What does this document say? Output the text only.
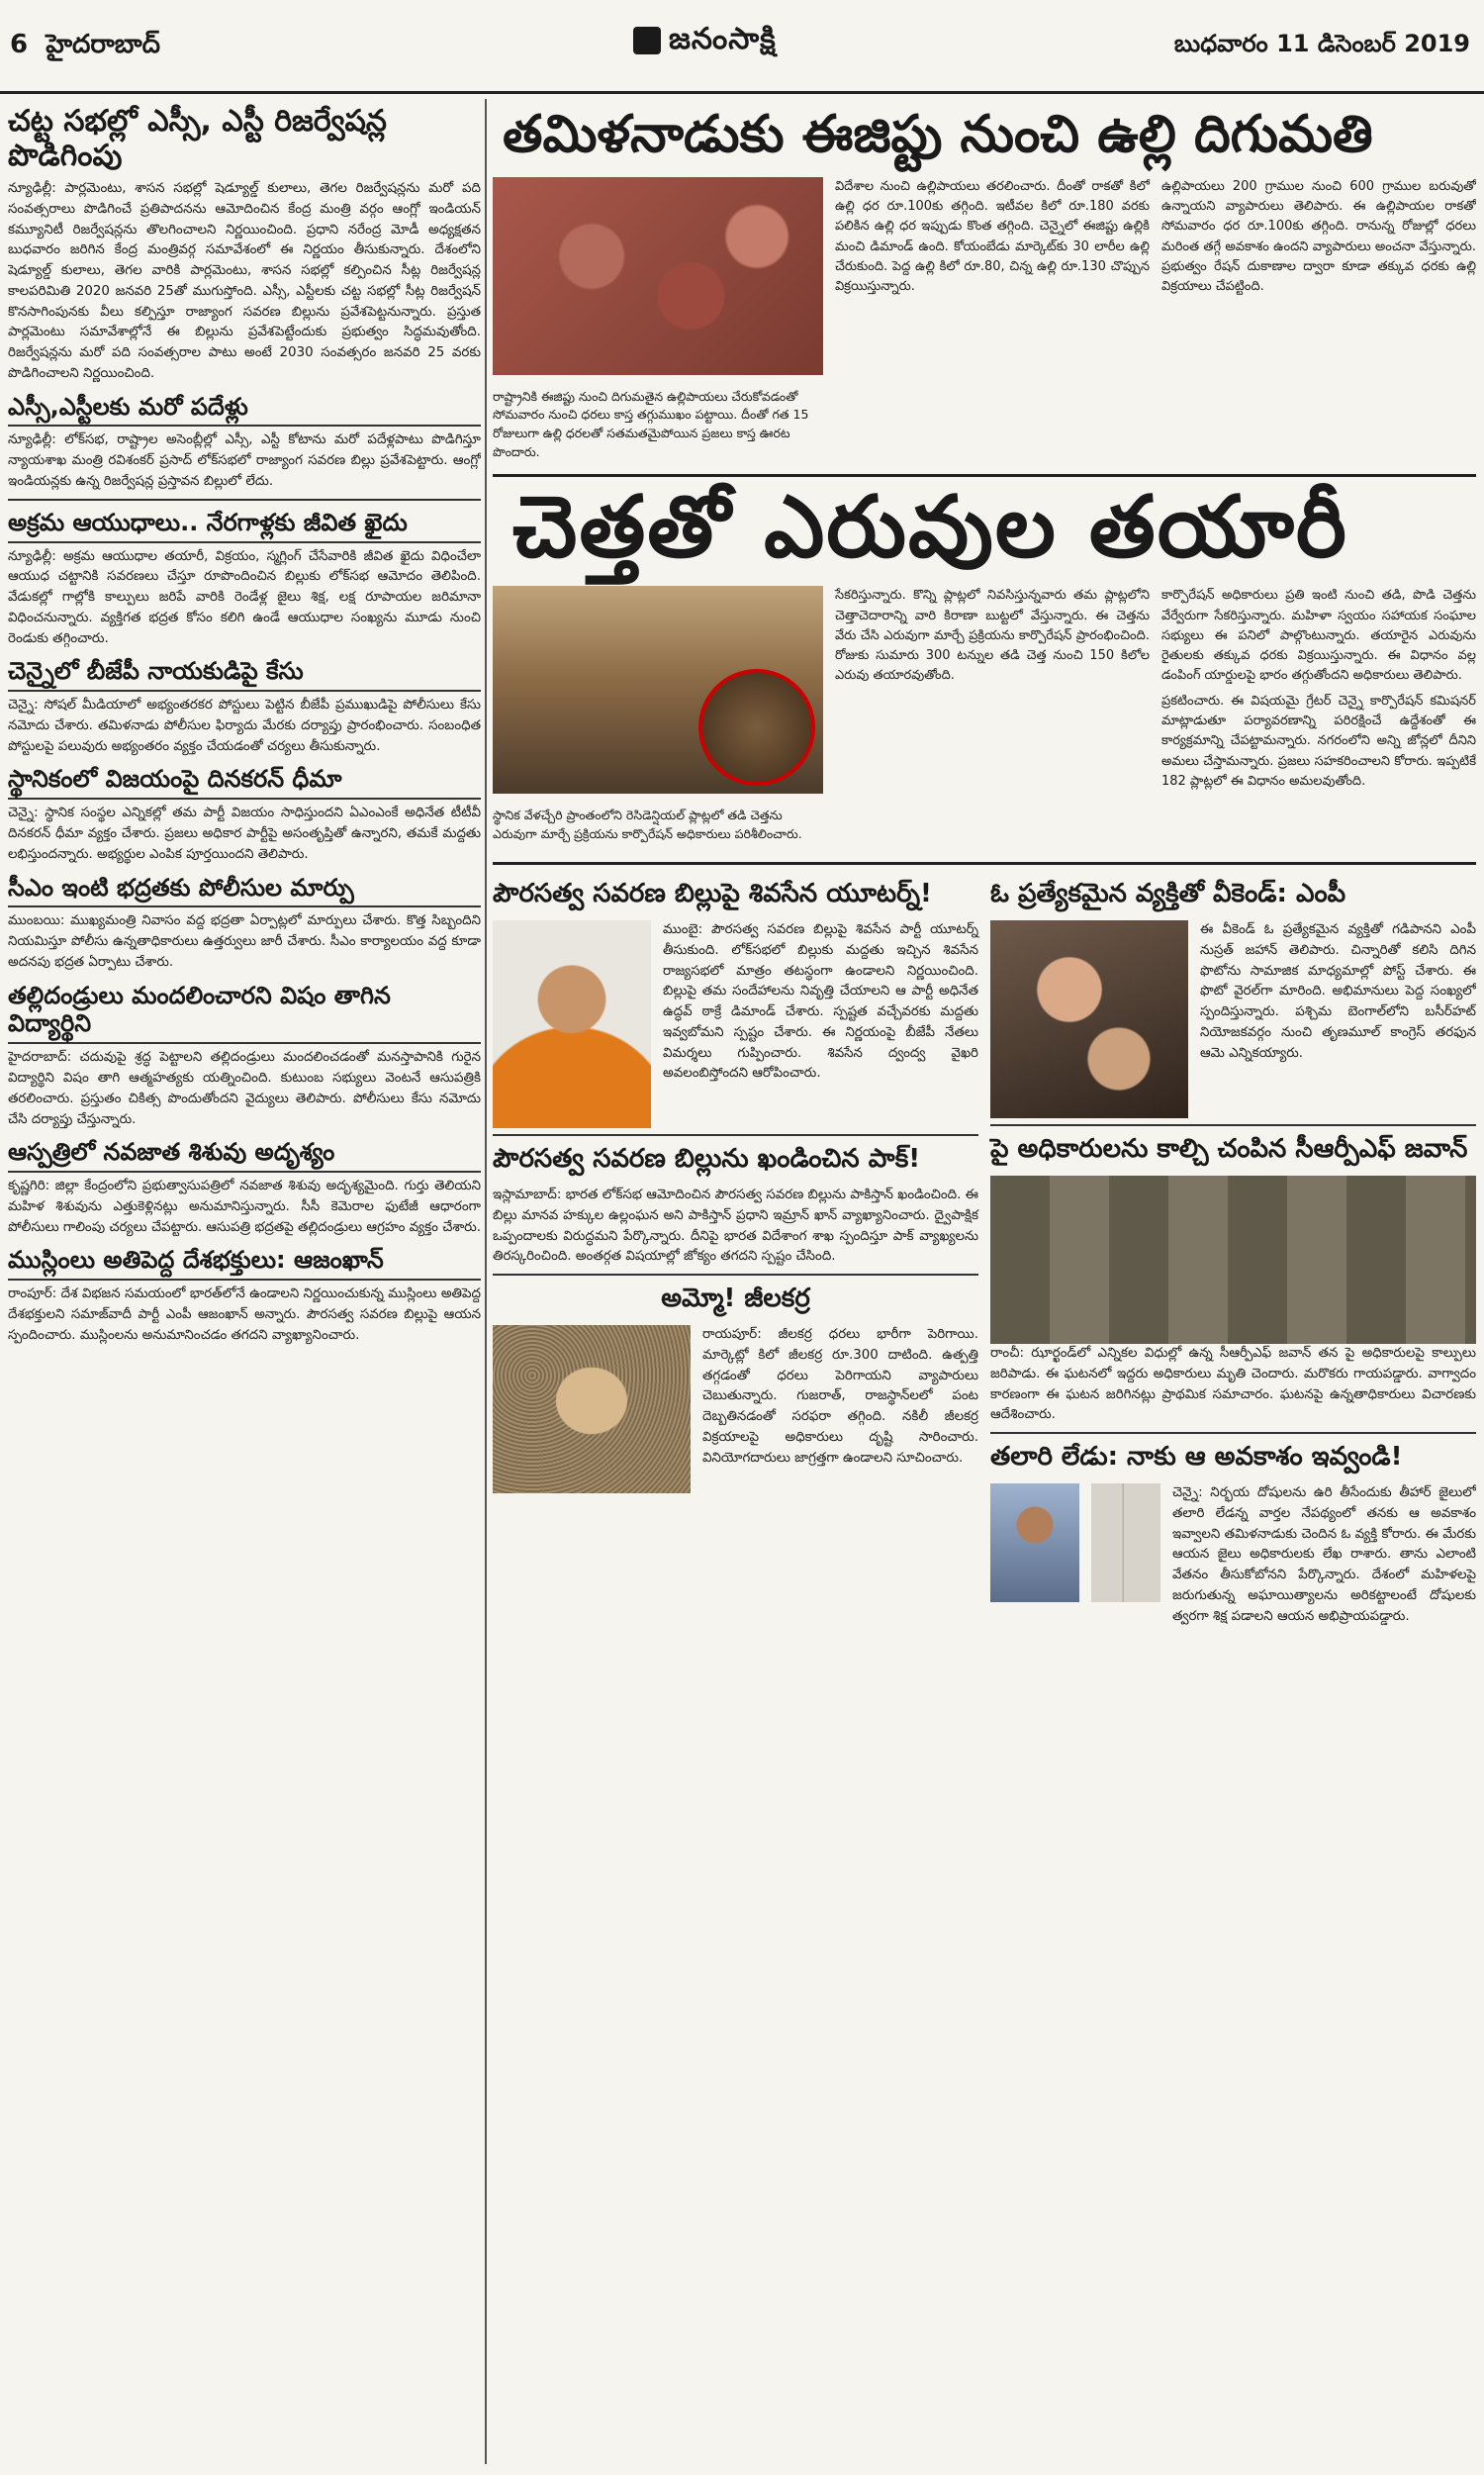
6 హైదరాబాద్	జనంసాక్షి	బుధవారం 11 డిసెంబర్ 2019
చట్ట సభల్లో ఎస్సీ, ఎస్టీ రిజర్వేషన్ల పొడిగింపు

న్యూఢిల్లీ: పార్లమెంటు, శాసన సభల్లో షెడ్యూల్డ్ కులాలు, తెగల రిజర్వేషన్లను మరో పది సంవత్సరాలు పొడిగించే ప్రతిపాదనను ఆమోదించిన కేంద్ర మంత్రి వర్గం ఆంగ్లో ఇండియన్ కమ్యూనిటీ రిజర్వేషన్లను తొలగించాలని నిర్ణయించింది. ప్రధాని నరేంద్ర మోడీ అధ్యక్షతన బుధవారం జరిగిన కేంద్ర మంత్రివర్గ సమావేశంలో ఈ నిర్ణయం తీసుకున్నారు. దేశంలోని షెడ్యూల్డ్ కులాలు, తెగల వారికి పార్లమెంటు, శాసన సభల్లో కల్పించిన సీట్ల రిజర్వేషన్ల కాలపరిమితి 2020 జనవరి 25తో ముగుస్తోంది. ఎస్సీ, ఎస్టీలకు చట్ట సభల్లో సీట్ల రిజర్వేషన్ కొనసాగింపునకు వీలు కల్పిస్తూ రాజ్యాంగ సవరణ బిల్లును ప్రవేశపెట్టనున్నారు. ప్రస్తుత పార్లమెంటు సమావేశాల్లోనే ఈ బిల్లును ప్రవేశపెట్టేందుకు ప్రభుత్వం సిద్ధమవుతోంది. రిజర్వేషన్లను మరో పది సంవత్సరాల పాటు అంటే 2030 సంవత్సరం జనవరి 25 వరకు పొడిగించాలని నిర్ణయించింది.

ఎస్సీ,ఎస్టీలకు మరో పదేళ్లు

న్యూఢిల్లీ: లోక్‌సభ, రాష్ట్రాల అసెంబ్లీల్లో ఎస్సీ, ఎస్టీ కోటాను మరో పదేళ్లపాటు పొడిగిస్తూ న్యాయశాఖ మంత్రి రవిశంకర్ ప్రసాద్ లోక్‌సభలో రాజ్యాంగ సవరణ బిల్లు ప్రవేశపెట్టారు. ఆంగ్లో ఇండియన్లకు ఉన్న రిజర్వేషన్ల ప్రస్తావన బిల్లులో లేదు.

అక్రమ ఆయుధాలు.. నేరగాళ్లకు జీవిత ఖైదు

న్యూఢిల్లీ: అక్రమ ఆయుధాల తయారీ, విక్రయం, స్మగ్లింగ్ చేసేవారికి జీవిత ఖైదు విధించేలా ఆయుధ చట్టానికి సవరణలు చేస్తూ రూపొందించిన బిల్లుకు లోక్‌సభ ఆమోదం తెలిపింది. వేడుకల్లో గాల్లోకి కాల్పులు జరిపే వారికి రెండేళ్ల జైలు శిక్ష, లక్ష రూపాయల జరిమానా విధించనున్నారు. వ్యక్తిగత భద్రత కోసం కలిగి ఉండే ఆయుధాల సంఖ్యను మూడు నుంచి రెండుకు తగ్గించారు.

చెన్నైలో బీజేపీ నాయకుడిపై కేసు

చెన్నై: సోషల్ మీడియాలో అభ్యంతరకర పోస్టులు పెట్టిన బీజేపీ ప్రముఖుడిపై పోలీసులు కేసు నమోదు చేశారు. తమిళనాడు పోలీసుల ఫిర్యాదు మేరకు దర్యాప్తు ప్రారంభించారు. సంబంధిత పోస్టులపై పలువురు అభ్యంతరం వ్యక్తం చేయడంతో చర్యలు తీసుకున్నారు.

స్థానికంలో విజయంపై దినకరన్ ధీమా

చెన్నై: స్థానిక సంస్థల ఎన్నికల్లో తమ పార్టీ విజయం సాధిస్తుందని ఏఎంఎంకే అధినేత టీటీవీ దినకరన్ ధీమా వ్యక్తం చేశారు. ప్రజలు అధికార పార్టీపై అసంతృప్తితో ఉన్నారని, తమకే మద్దతు లభిస్తుందన్నారు. అభ్యర్థుల ఎంపిక పూర్తయిందని తెలిపారు.

సీఎం ఇంటి భద్రతకు పోలీసుల మార్పు

ముంబయి: ముఖ్యమంత్రి నివాసం వద్ద భద్రతా ఏర్పాట్లలో మార్పులు చేశారు. కొత్త సిబ్బందిని నియమిస్తూ పోలీసు ఉన్నతాధికారులు ఉత్తర్వులు జారీ చేశారు. సీఎం కార్యాలయం వద్ద కూడా అదనపు భద్రత ఏర్పాటు చేశారు.

తల్లిదండ్రులు మందలించారని విషం తాగిన విద్యార్థిని

హైదరాబాద్: చదువుపై శ్రద్ధ పెట్టాలని తల్లిదండ్రులు మందలించడంతో మనస్తాపానికి గురైన విద్యార్థిని విషం తాగి ఆత్మహత్యకు యత్నించింది. కుటుంబ సభ్యులు వెంటనే ఆసుపత్రికి తరలించారు. ప్రస్తుతం చికిత్స పొందుతోందని వైద్యులు తెలిపారు. పోలీసులు కేసు నమోదు చేసి దర్యాప్తు చేస్తున్నారు.

ఆస్పత్రిలో నవజాత శిశువు అదృశ్యం

కృష్ణగిరి: జిల్లా కేంద్రంలోని ప్రభుత్వాసుపత్రిలో నవజాత శిశువు అదృశ్యమైంది. గుర్తు తెలియని మహిళ శిశువును ఎత్తుకెళ్లినట్లు అనుమానిస్తున్నారు. సీసీ కెమెరాల ఫుటేజీ ఆధారంగా పోలీసులు గాలింపు చర్యలు చేపట్టారు. ఆసుపత్రి భద్రతపై తల్లిదండ్రులు ఆగ్రహం వ్యక్తం చేశారు.

ముస్లింలు అతిపెద్ద దేశభక్తులు: ఆజంఖాన్

రాంపూర్: దేశ విభజన సమయంలో భారత్‌లోనే ఉండాలని నిర్ణయించుకున్న ముస్లింలు అతిపెద్ద దేశభక్తులని సమాజ్‌వాదీ పార్టీ ఎంపీ ఆజంఖాన్ అన్నారు. పౌరసత్వ సవరణ బిల్లుపై ఆయన స్పందించారు. ముస్లింలను అనుమానించడం తగదని వ్యాఖ్యానించారు.

తమిళనాడుకు ఈజిప్టు నుంచి ఉల్లి దిగుమతి

రాష్ట్రానికి ఈజిప్టు నుంచి దిగుమతైన ఉల్లిపాయలు చేరుకోవడంతో సోమవారం నుంచి ధరలు కాస్త తగ్గుముఖం పట్టాయి. దీంతో గత 15 రోజులుగా ఉల్లి ధరలతో సతమతమైపోయిన ప్రజలు కాస్త ఊరట పొందారు.

విదేశాల నుంచి ఉల్లిపాయలు తరలించారు. దీంతో రాకతో కిలో ఉల్లి ధర రూ.100కు తగ్గింది. ఇటీవల కిలో రూ.180 వరకు పలికిన ఉల్లి ధర ఇప్పుడు కొంత తగ్గింది. చెన్నైలో ఈజిప్టు ఉల్లికి మంచి డిమాండ్ ఉంది. కోయంబేడు మార్కెట్‌కు 30 లారీల ఉల్లి చేరుకుంది. పెద్ద ఉల్లి కిలో రూ.80, చిన్న ఉల్లి రూ.130 చొప్పున విక్రయిస్తున్నారు.

ఉల్లిపాయలు 200 గ్రాముల నుంచి 600 గ్రాముల బరువుతో ఉన్నాయని వ్యాపారులు తెలిపారు. ఈ ఉల్లిపాయల రాకతో సోమవారం ధర రూ.100కు తగ్గింది. రానున్న రోజుల్లో ధరలు మరింత తగ్గే అవకాశం ఉందని వ్యాపారులు అంచనా వేస్తున్నారు. ప్రభుత్వం రేషన్ దుకాణాల ద్వారా కూడా తక్కువ ధరకు ఉల్లి విక్రయాలు చేపట్టింది.

చెత్తతో ఎరువుల తయారీ

స్థానిక వేళచ్చేరి ప్రాంతంలోని రెసిడెన్షియల్ ప్లాట్లలో తడి చెత్తను ఎరువుగా మార్చే ప్రక్రియను కార్పొరేషన్ అధికారులు పరిశీలించారు.

సేకరిస్తున్నారు. కొన్ని ప్లాట్లలో నివసిస్తున్నవారు తమ ప్లాట్లలోని చెత్తాచెదారాన్ని వారి కిరాణా బుట్టలో వేస్తున్నారు. ఈ చెత్తను వేరు చేసి ఎరువుగా మార్చే ప్రక్రియను కార్పొరేషన్ ప్రారంభించింది. రోజుకు సుమారు 300 టన్నుల తడి చెత్త నుంచి 150 కిలోల ఎరువు తయారవుతోంది.

కార్పొరేషన్ అధికారులు ప్రతి ఇంటి నుంచి తడి, పొడి చెత్తను వేర్వేరుగా సేకరిస్తున్నారు. మహిళా స్వయం సహాయక సంఘాల సభ్యులు ఈ పనిలో పాల్గొంటున్నారు. తయారైన ఎరువును రైతులకు తక్కువ ధరకు విక్రయిస్తున్నారు. ఈ విధానం వల్ల డంపింగ్ యార్డులపై భారం తగ్గుతోందని అధికారులు తెలిపారు.

ప్రకటించారు. ఈ విషయమై గ్రేటర్ చెన్నై కార్పొరేషన్ కమిషనర్ మాట్లాడుతూ పర్యావరణాన్ని పరిరక్షించే ఉద్దేశంతో ఈ కార్యక్రమాన్ని చేపట్టామన్నారు. నగరంలోని అన్ని జోన్లలో దీనిని అమలు చేస్తామన్నారు. ప్రజలు సహకరించాలని కోరారు. ఇప్పటికే 182 ప్లాట్లలో ఈ విధానం అమలవుతోంది.

పౌరసత్వ సవరణ బిల్లుపై శివసేన యూటర్న్!

ముంబై: పౌరసత్వ సవరణ బిల్లుపై శివసేన పార్టీ యూటర్న్ తీసుకుంది. లోక్‌సభలో బిల్లుకు మద్దతు ఇచ్చిన శివసేన రాజ్యసభలో మాత్రం తటస్థంగా ఉండాలని నిర్ణయించింది. బిల్లుపై తమ సందేహాలను నివృత్తి చేయాలని ఆ పార్టీ అధినేత ఉద్ధవ్ ఠాక్రే డిమాండ్ చేశారు. స్పష్టత వచ్చేవరకు మద్దతు ఇవ్వబోమని స్పష్టం చేశారు. ఈ నిర్ణయంపై బీజేపీ నేతలు విమర్శలు గుప్పించారు. శివసేన ద్వంద్వ వైఖరి అవలంబిస్తోందని ఆరోపించారు.

పౌరసత్వ సవరణ బిల్లును ఖండించిన పాక్!

ఇస్లామాబాద్: భారత లోక్‌సభ ఆమోదించిన పౌరసత్వ సవరణ బిల్లును పాకిస్తాన్ ఖండించింది. ఈ బిల్లు మానవ హక్కుల ఉల్లంఘన అని పాకిస్తాన్ ప్రధాని ఇమ్రాన్ ఖాన్ వ్యాఖ్యానించారు. ద్వైపాక్షిక ఒప్పందాలకు విరుద్ధమని పేర్కొన్నారు. దీనిపై భారత విదేశాంగ శాఖ స్పందిస్తూ పాక్ వ్యాఖ్యలను తిరస్కరించింది. అంతర్గత విషయాల్లో జోక్యం తగదని స్పష్టం చేసింది.

అమ్మో! జీలకర్ర

రాయపూర్: జీలకర్ర ధరలు భారీగా పెరిగాయి. మార్కెట్లో కిలో జీలకర్ర రూ.300 దాటింది. ఉత్పత్తి తగ్గడంతో ధరలు పెరిగాయని వ్యాపారులు చెబుతున్నారు. గుజరాత్, రాజస్థాన్‌లలో పంట దెబ్బతినడంతో సరఫరా తగ్గింది. నకిలీ జీలకర్ర విక్రయాలపై అధికారులు దృష్టి సారించారు. వినియోగదారులు జాగ్రత్తగా ఉండాలని సూచించారు.

ఓ ప్రత్యేకమైన వ్యక్తితో వీకెండ్: ఎంపీ

ఈ వీకెండ్ ఓ ప్రత్యేకమైన వ్యక్తితో గడిపానని ఎంపీ నుస్రత్ జహాన్ తెలిపారు. చిన్నారితో కలిసి దిగిన ఫొటోను సామాజిక మాధ్యమాల్లో పోస్ట్ చేశారు. ఈ ఫొటో వైరల్‌గా మారింది. అభిమానులు పెద్ద సంఖ్యలో స్పందిస్తున్నారు. పశ్చిమ బెంగాల్‌లోని బసీర్‌హట్ నియోజకవర్గం నుంచి తృణమూల్ కాంగ్రెస్ తరఫున ఆమె ఎన్నికయ్యారు.

పై అధికారులను కాల్చి చంపిన సీఆర్పీఎఫ్ జవాన్

రాంచీ: ఝార్ఖండ్‌లో ఎన్నికల విధుల్లో ఉన్న సీఆర్పీఎఫ్ జవాన్ తన పై అధికారులపై కాల్పులు జరిపాడు. ఈ ఘటనలో ఇద్దరు అధికారులు మృతి చెందారు. మరొకరు గాయపడ్డారు. వాగ్వాదం కారణంగా ఈ ఘటన జరిగినట్లు ప్రాథమిక సమాచారం. ఘటనపై ఉన్నతాధికారులు విచారణకు ఆదేశించారు.

తలారి లేడు: నాకు ఆ అవకాశం ఇవ్వండి!

చెన్నై: నిర్భయ దోషులను ఉరి తీసేందుకు తీహార్ జైలులో తలారి లేడన్న వార్తల నేపథ్యంలో తనకు ఆ అవకాశం ఇవ్వాలని తమిళనాడుకు చెందిన ఓ వ్యక్తి కోరారు. ఈ మేరకు ఆయన జైలు అధికారులకు లేఖ రాశారు. తాను ఎలాంటి వేతనం తీసుకోబోనని పేర్కొన్నారు. దేశంలో మహిళలపై జరుగుతున్న అఘాయిత్యాలను అరికట్టాలంటే దోషులకు త్వరగా శిక్ష పడాలని ఆయన అభిప్రాయపడ్డారు.
